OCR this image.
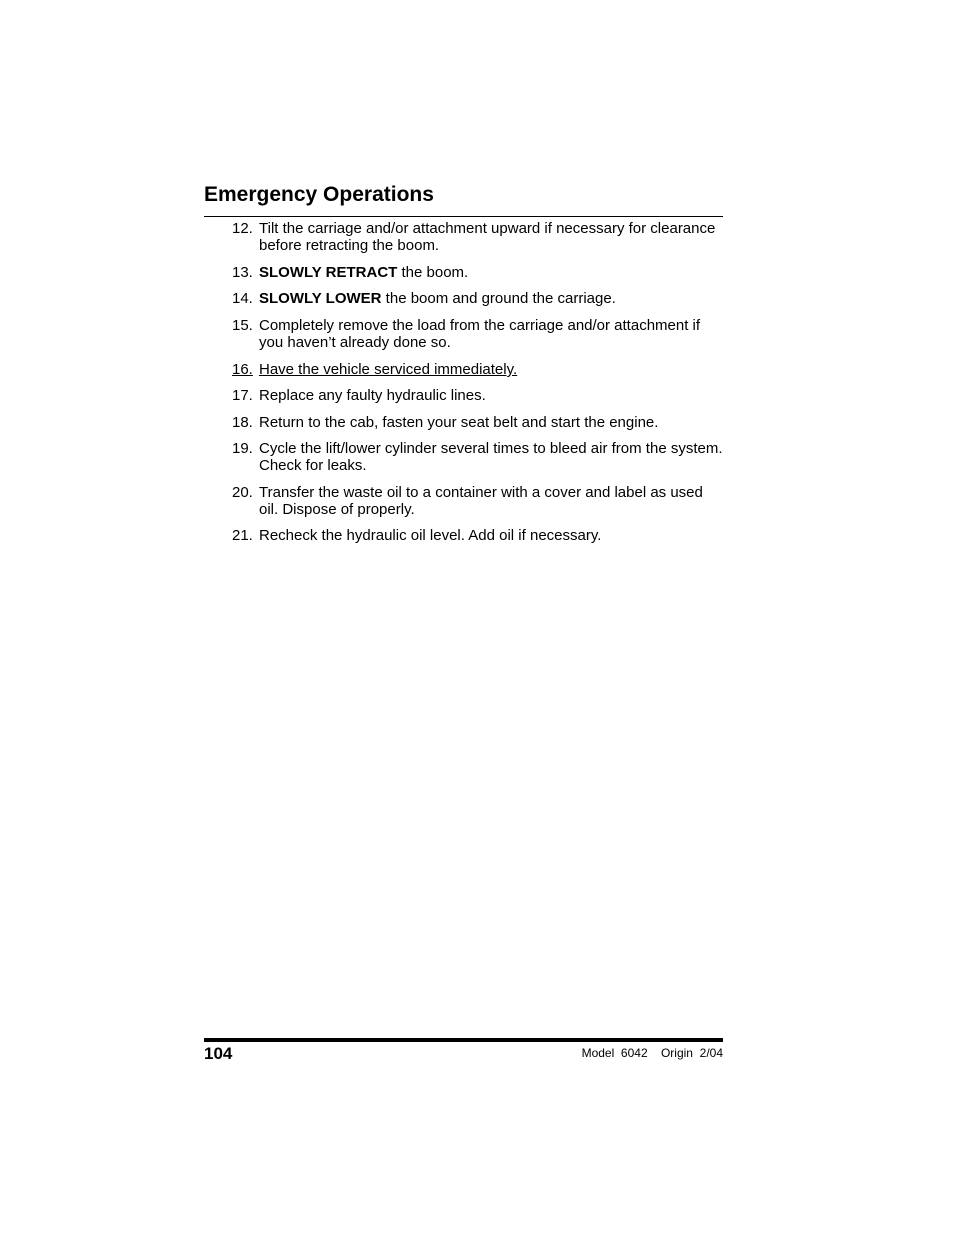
Emergency Operations
12. Tilt the carriage and/or attachment upward if necessary for clearance before retracting the boom.
13. SLOWLY RETRACT the boom.
14. SLOWLY LOWER the boom and ground the carriage.
15. Completely remove the load from the carriage and/or attachment if you haven’t already done so.
16. Have the vehicle serviced immediately.
17. Replace any faulty hydraulic lines.
18. Return to the cab, fasten your seat belt and start the engine.
19. Cycle the lift/lower cylinder several times to bleed air from the system. Check for leaks.
20. Transfer the waste oil to a container with a cover and label as used oil. Dispose of properly.
21. Recheck the hydraulic oil level. Add oil if necessary.
104	Model  6042    Origin  2/04
